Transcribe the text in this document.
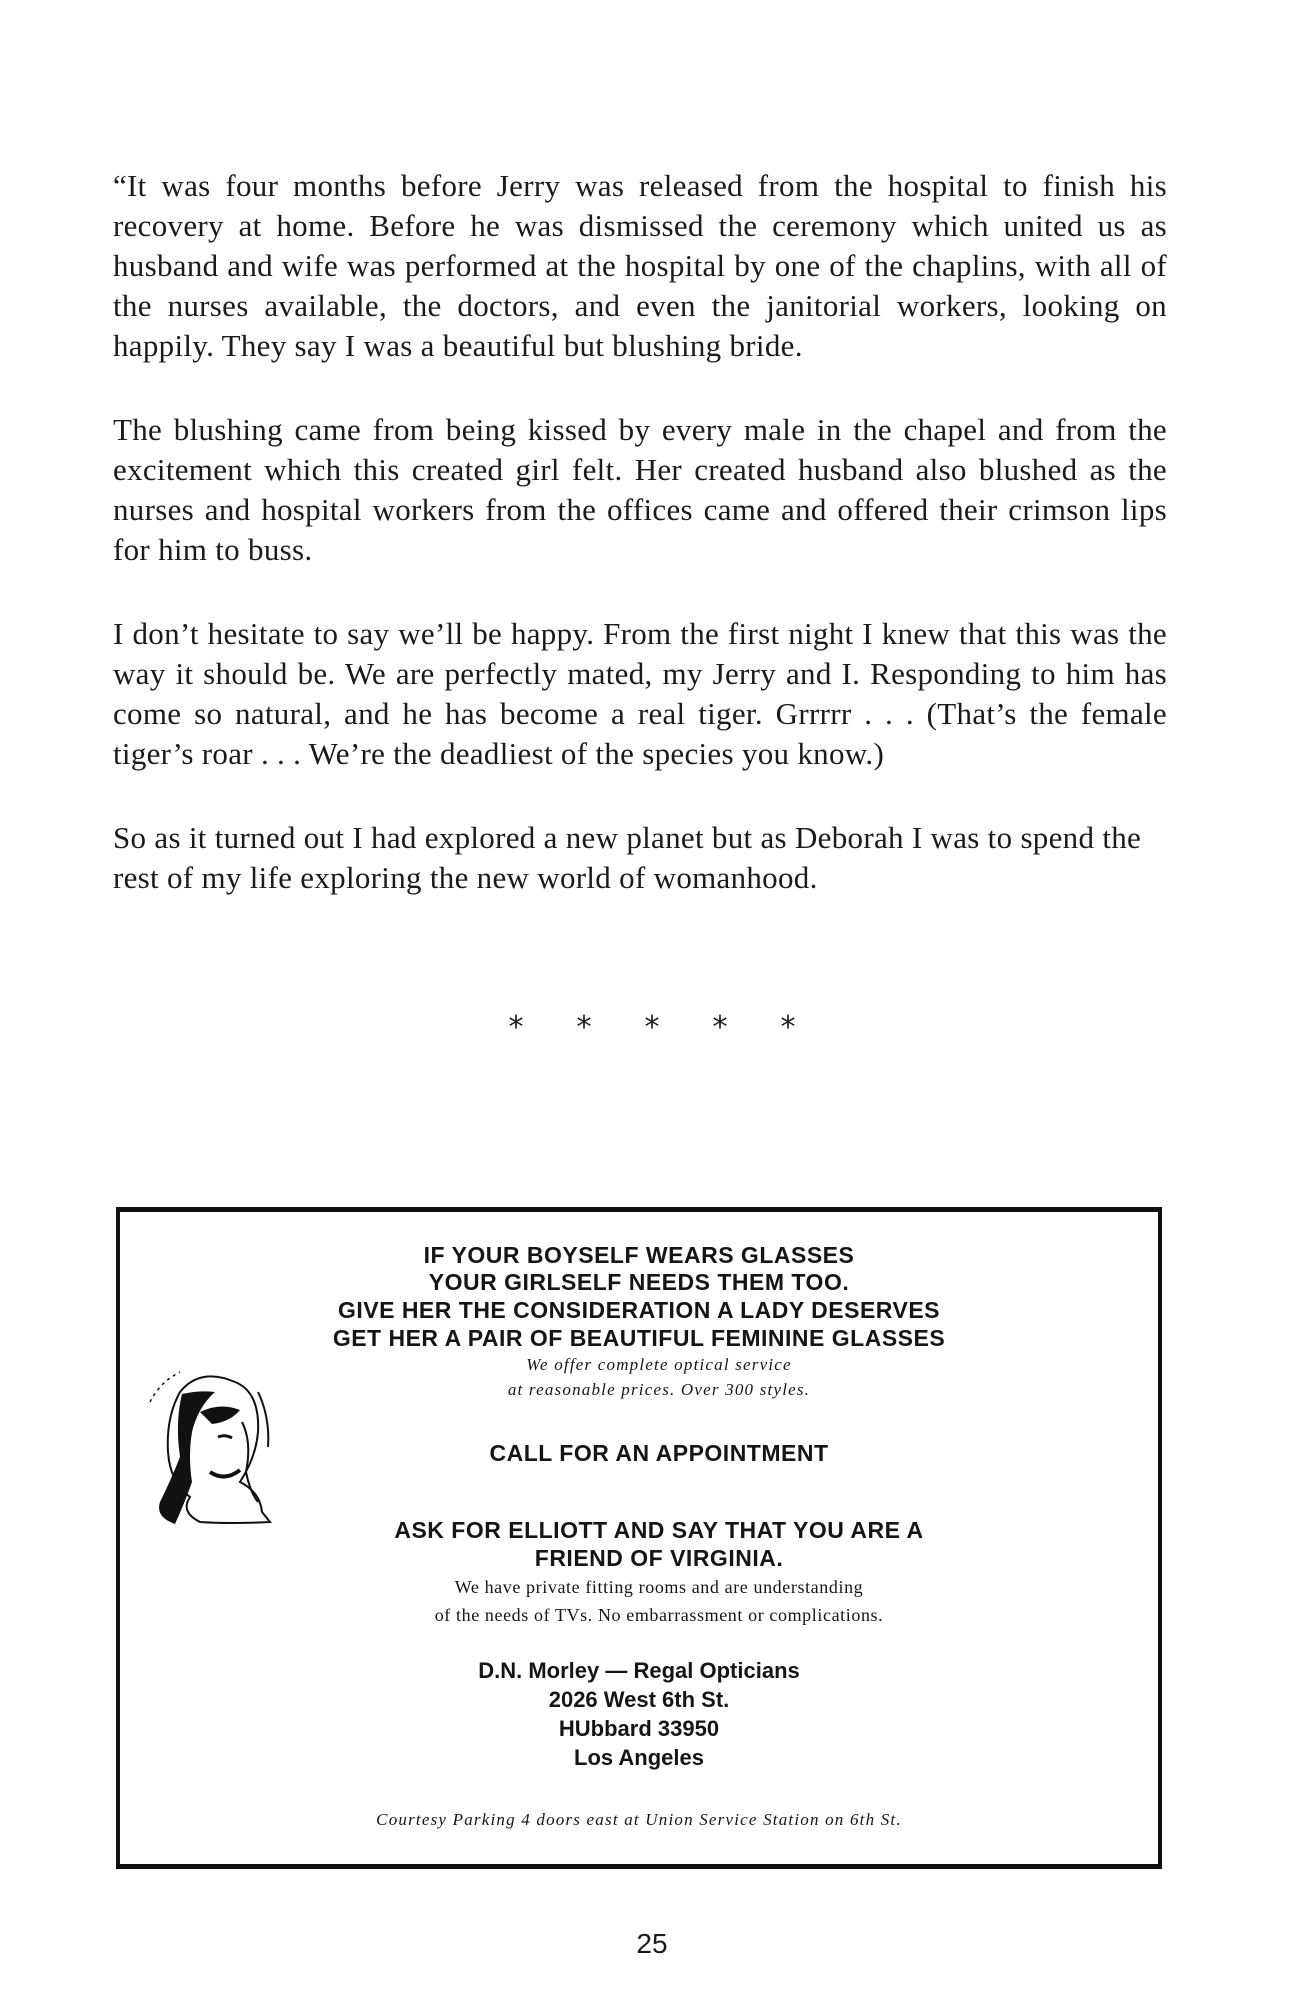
“It was four months before Jerry was released from the hospital to finish his recovery at home. Before he was dismissed the ceremony which united us as husband and wife was performed at the hospital by one of the chaplins, with all of the nurses available, the doctors, and even the janitorial workers, looking on happily. They say I was a beautiful but blushing bride.

The blushing came from being kissed by every male in the chapel and from the excitement which this created girl felt. Her created husband also blushed as the nurses and hospital workers from the offices came and offered their crimson lips for him to buss.

I don’t hesitate to say we’ll be happy. From the first night I knew that this was the way it should be. We are perfectly mated, my Jerry and I. Responding to him has come so natural, and he has become a real tiger. Grrrrr . . . (That’s the female tiger’s roar . . . We’re the deadliest of the species you know.)

So as it turned out I had explored a new planet but as Deborah I was to spend the rest of my life exploring the new world of womanhood.

* * * * *
IF YOUR BOYSELF WEARS GLASSES
YOUR GIRLSELF NEEDS THEM TOO.
GIVE HER THE CONSIDERATION A LADY DESERVES
GET HER A PAIR OF BEAUTIFUL FEMININE GLASSES
We offer complete optical service
at reasonable prices. Over 300 styles.
CALL FOR AN APPOINTMENT
ASK FOR ELLIOTT AND SAY THAT YOU ARE A
FRIEND OF VIRGINIA.
We have private fitting rooms and are understanding
of the needs of TVs. No embarrassment or complications.
D.N. Morley — Regal Opticians
2026 West 6th St.
HUbbard 33950
Los Angeles
Courtesy Parking 4 doors east at Union Service Station on 6th St.
25
